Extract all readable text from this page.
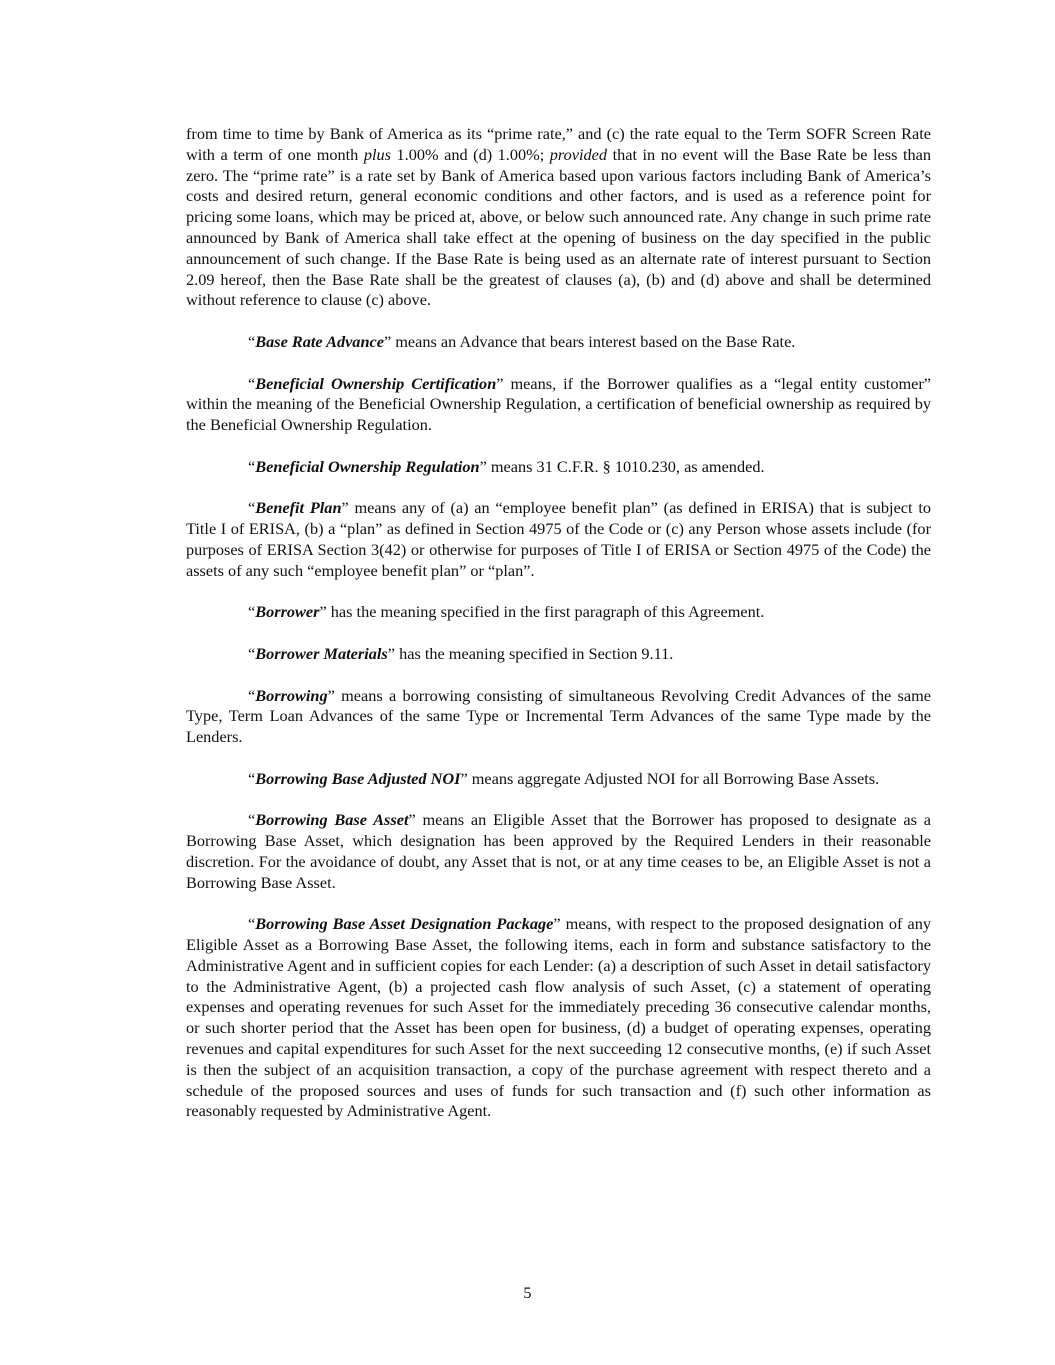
from time to time by Bank of America as its “prime rate,” and (c) the rate equal to the Term SOFR Screen Rate with a term of one month plus 1.00% and (d) 1.00%; provided that in no event will the Base Rate be less than zero. The “prime rate” is a rate set by Bank of America based upon various factors including Bank of America’s costs and desired return, general economic conditions and other factors, and is used as a reference point for pricing some loans, which may be priced at, above, or below such announced rate. Any change in such prime rate announced by Bank of America shall take effect at the opening of business on the day specified in the public announcement of such change. If the Base Rate is being used as an alternate rate of interest pursuant to Section 2.09 hereof, then the Base Rate shall be the greatest of clauses (a), (b) and (d) above and shall be determined without reference to clause (c) above.

“Base Rate Advance” means an Advance that bears interest based on the Base Rate.

“Beneficial Ownership Certification” means, if the Borrower qualifies as a “legal entity customer” within the meaning of the Beneficial Ownership Regulation, a certification of beneficial ownership as required by the Beneficial Ownership Regulation.

“Beneficial Ownership Regulation” means 31 C.F.R. § 1010.230, as amended.

“Benefit Plan” means any of (a) an “employee benefit plan” (as defined in ERISA) that is subject to Title I of ERISA, (b) a “plan” as defined in Section 4975 of the Code or (c) any Person whose assets include (for purposes of ERISA Section 3(42) or otherwise for purposes of Title I of ERISA or Section 4975 of the Code) the assets of any such “employee benefit plan” or “plan”.

“Borrower” has the meaning specified in the first paragraph of this Agreement.

“Borrower Materials” has the meaning specified in Section 9.11.

“Borrowing” means a borrowing consisting of simultaneous Revolving Credit Advances of the same Type, Term Loan Advances of the same Type or Incremental Term Advances of the same Type made by the Lenders.

“Borrowing Base Adjusted NOI” means aggregate Adjusted NOI for all Borrowing Base Assets.

“Borrowing Base Asset” means an Eligible Asset that the Borrower has proposed to designate as a Borrowing Base Asset, which designation has been approved by the Required Lenders in their reasonable discretion. For the avoidance of doubt, any Asset that is not, or at any time ceases to be, an Eligible Asset is not a Borrowing Base Asset.

“Borrowing Base Asset Designation Package” means, with respect to the proposed designation of any Eligible Asset as a Borrowing Base Asset, the following items, each in form and substance satisfactory to the Administrative Agent and in sufficient copies for each Lender: (a) a description of such Asset in detail satisfactory to the Administrative Agent, (b) a projected cash flow analysis of such Asset, (c) a statement of operating expenses and operating revenues for such Asset for the immediately preceding 36 consecutive calendar months, or such shorter period that the Asset has been open for business, (d) a budget of operating expenses, operating revenues and capital expenditures for such Asset for the next succeeding 12 consecutive months, (e) if such Asset is then the subject of an acquisition transaction, a copy of the purchase agreement with respect thereto and a schedule of the proposed sources and uses of funds for such transaction and (f) such other information as reasonably requested by Administrative Agent.

5
